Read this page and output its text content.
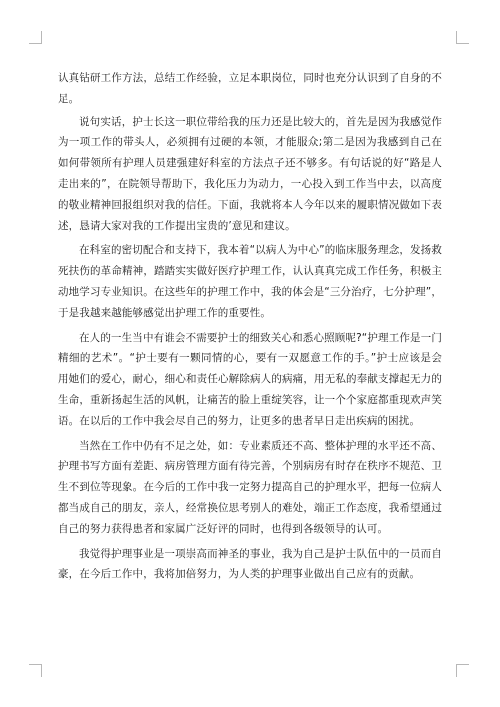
认真钻研工作方法，总结工作经验，立足本职岗位，同时也充分认识到了自身的不足。

说句实话，护士长这一职位带给我的压力还是比较大的，首先是因为我感觉作为一项工作的带头人，必须拥有过硬的本领，才能服众;第二是因为我感到自己在如何带领所有护理人员建强建好科室的方法点子还不够多。有句话说的好“路是人走出来的”，在院领导帮助下，我化压力为动力，一心投入到工作当中去，以高度的敬业精神回报组织对我的信任。下面，我就将本人今年以来的履职情况做如下表述，恳请大家对我的工作提出宝贵的’意见和建议。

在科室的密切配合和支持下，我本着“以病人为中心”的临床服务理念，发扬救死扶伤的革命精神，踏踏实实做好医疗护理工作，认认真真完成工作任务，积极主动地学习专业知识。在这些年的护理工作中，我的体会是“三分治疗，七分护理”，于是我越来越能够感觉出护理工作的重要性。

在人的一生当中有谁会不需要护士的细致关心和悉心照顾呢?“护理工作是一门精细的艺术”。“护士要有一颗同情的心，要有一双愿意工作的手。”护士应该是会用她们的爱心，耐心，细心和责任心解除病人的病痛，用无私的奉献支撑起无力的生命，重新扬起生活的风帆，让痛苦的脸上重绽笑容，让一个个家庭都重现欢声笑语。在以后的工作中我会尽自己的努力，让更多的患者早日走出疾病的困扰。

当然在工作中仍有不足之处，如：专业素质还不高、整体护理的水平还不高、护理书写方面有差距、病房管理方面有待完善，个别病房有时存在秩序不规范、卫生不到位等现象。在今后的工作中我一定努力提高自己的护理水平，把每一位病人都当成自己的朋友，亲人，经常换位思考别人的难处，端正工作态度，我希望通过自己的努力获得患者和家属广泛好评的同时，也得到各级领导的认可。

我觉得护理事业是一项崇高而神圣的事业，我为自己是护士队伍中的一员而自豪，在今后工作中，我将加倍努力，为人类的护理事业做出自己应有的贡献。
